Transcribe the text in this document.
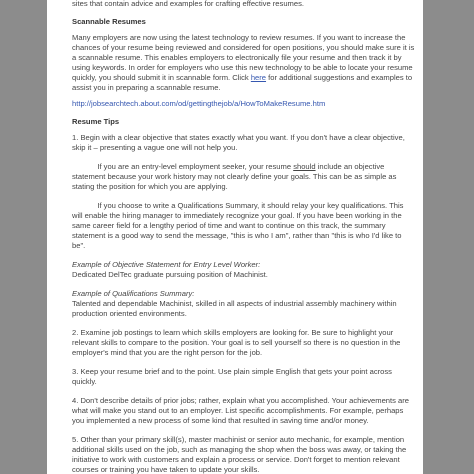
sites that contain advice and examples for crafting effective resumes.

Scannable Resumes

Many employers are now using the latest technology to review resumes. If you want to increase the chances of your resume being reviewed and considered for open positions, you should make sure it is a scannable resume. This enables employers to electronically file your resume and then track it by using keywords. In order for employers who use this new technology to be able to locate your resume quickly, you should submit it in scannable form. Click here for additional suggestions and examples to assist you in preparing a scannable resume.

http://jobsearchtech.about.com/od/gettingthejob/a/HowToMakeResume.htm

Resume Tips

1. Begin with a clear objective that states exactly what you want. If you don't have a clear objective, skip it – presenting a vague one will not help you.

If you are an entry-level employment seeker, your resume should include an objective statement because your work history may not clearly define your goals. This can be as simple as stating the position for which you are applying.

If you choose to write a Qualifications Summary, it should relay your key qualifications. This will enable the hiring manager to immediately recognize your goal. If you have been working in the same career field for a lengthy period of time and want to continue on this track, the summary statement is a good way to send the message, "this is who I am", rather than "this is who I'd like to be".

Example of Objective Statement for Entry Level Worker:

Dedicated DelTec graduate pursuing position of Machinist.

Example of Qualifications Summary:

Talented and dependable Machinist, skilled in all aspects of industrial assembly machinery within production oriented environments.

2. Examine job postings to learn which skills employers are looking for. Be sure to highlight your relevant skills to compare to the position. Your goal is to sell yourself so there is no question in the employer's mind that you are the right person for the job.

3. Keep your resume brief and to the point. Use plain simple English that gets your point across quickly.

4. Don't describe details of prior jobs; rather, explain what you accomplished. Your achievements are what will make you stand out to an employer. List specific accomplishments. For example, perhaps you implemented a new process of some kind that resulted in saving time and/or money.

5. Other than your primary skill(s), master machinist or senior auto mechanic, for example, mention additional skills used on the job, such as managing the shop when the boss was away, or taking the initiative to work with customers and explain a process or service. Don't forget to mention relevant courses or training you have taken to update your skills.
